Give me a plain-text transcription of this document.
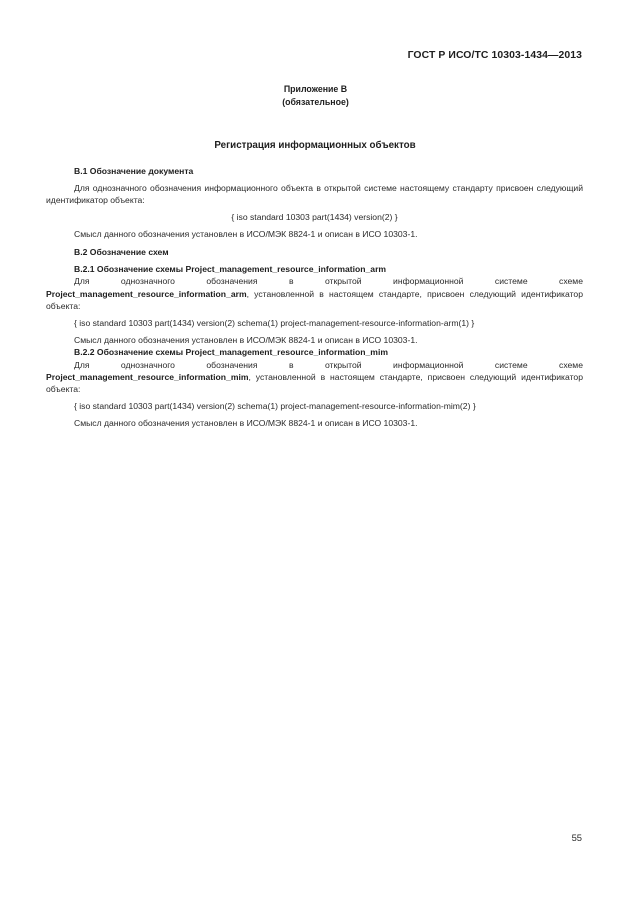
ГОСТ Р ИСО/ТС 10303-1434—2013
Приложение В
(обязательное)
Регистрация информационных объектов
В.1 Обозначение документа
Для однозначного обозначения информационного объекта в открытой системе настоящему стандарту присвоен следующий идентификатор объекта:
{ iso standard 10303 part(1434) version(2) }
Смысл данного обозначения установлен в ИСО/МЭК 8824-1 и описан в ИСО 10303-1.
В.2 Обозначение схем
В.2.1 Обозначение схемы Project_management_resource_information_arm
Для однозначного обозначения в открытой информационной системе схеме Project_management_resource_information_arm, установленной в настоящем стандарте, присвоен следующий идентификатор объекта:
{ iso standard 10303 part(1434) version(2) schema(1) project-management-resource-information-arm(1) }
Смысл данного обозначения установлен в ИСО/МЭК 8824-1 и описан в ИСО 10303-1.
В.2.2 Обозначение схемы Project_management_resource_information_mim
Для однозначного обозначения в открытой информационной системе схеме Project_management_resource_information_mim, установленной в настоящем стандарте, присвоен следующий идентификатор объекта:
{ iso standard 10303 part(1434) version(2) schema(1) project-management-resource-information-mim(2) }
Смысл данного обозначения установлен в ИСО/МЭК 8824-1 и описан в ИСО 10303-1.
55
